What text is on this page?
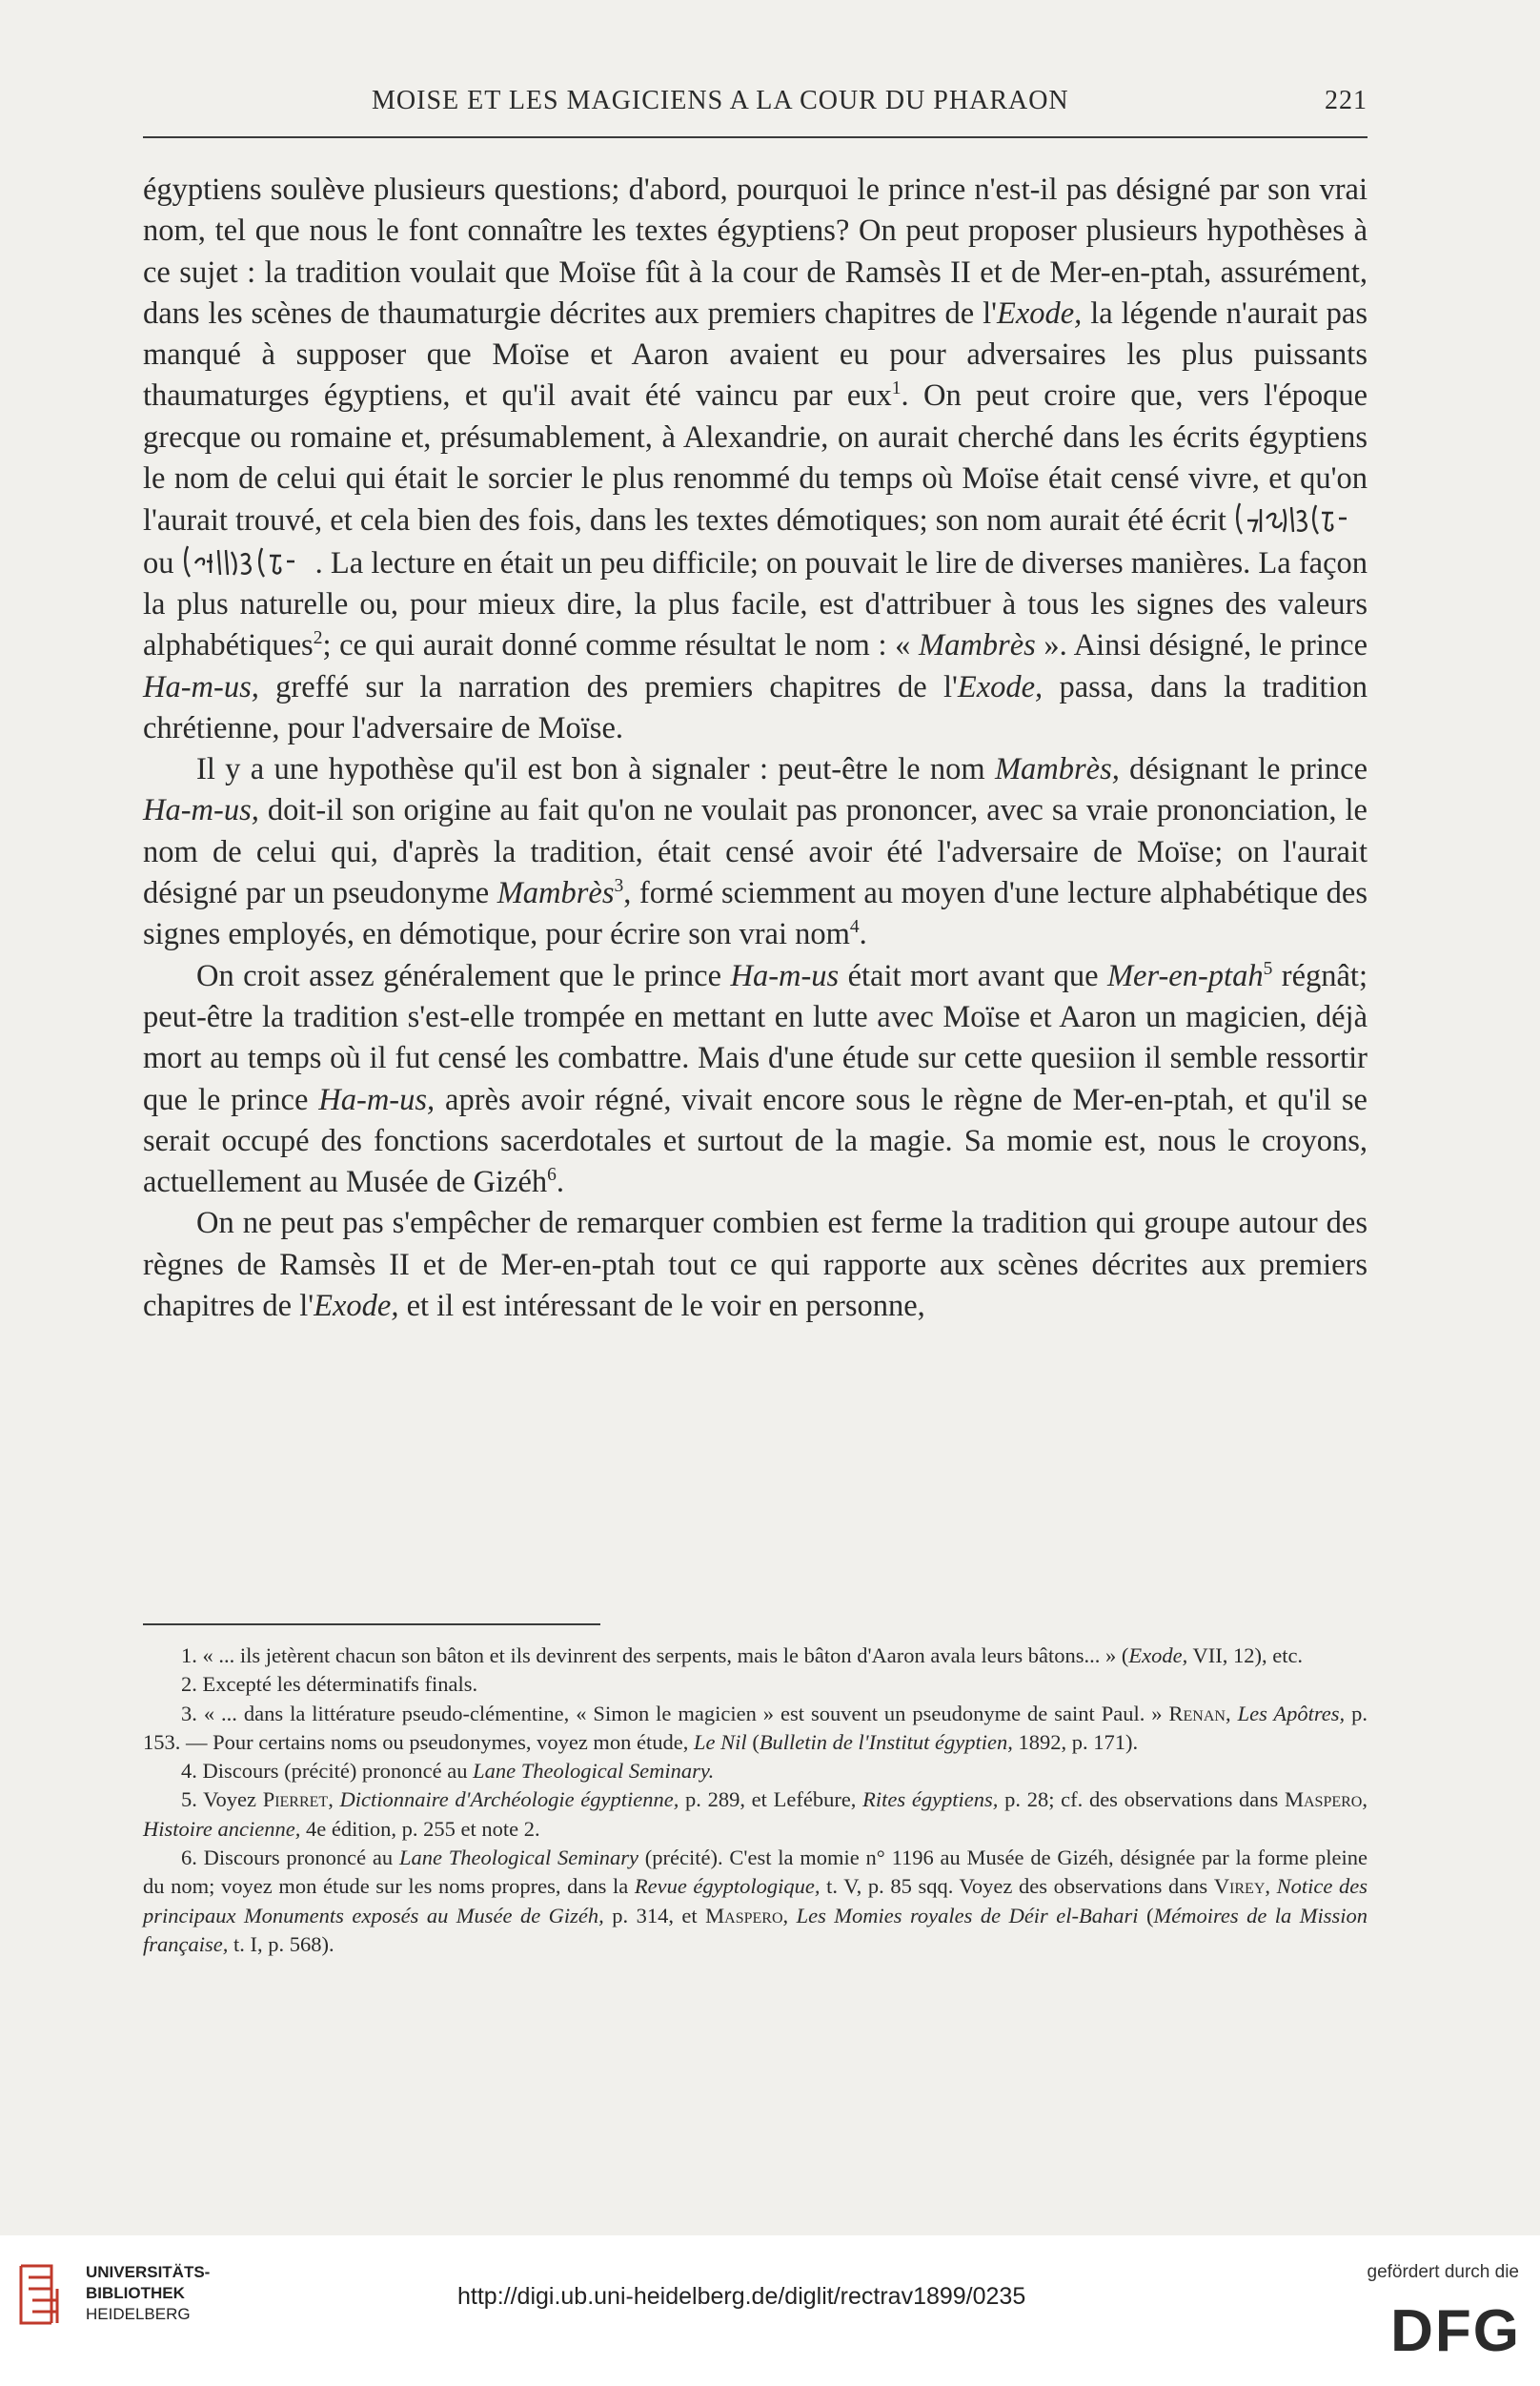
MOISE ET LES MAGICIENS A LA COUR DU PHARAON	221

égyptiens soulève plusieurs questions; d'abord, pourquoi le prince n'est-il pas désigné par son vrai nom, tel que nous le font connaître les textes égyptiens? On peut proposer plusieurs hypothèses à ce sujet : la tradition voulait que Moïse fût à la cour de Ramsès II et de Mer-en-ptah, assurément, dans les scènes de thaumaturgie décrites aux premiers chapitres de l'Exode, la légende n'aurait pas manqué à supposer que Moïse et Aaron avaient eu pour adversaires les plus puissants thaumaturges égyptiens, et qu'il avait été vaincu par eux$^1$. On peut croire que, vers l'époque grecque ou romaine et, présumablement, à Alexandrie, on aurait cherché dans les écrits égyptiens le nom de celui qui était le sorcier le plus renommé du temps où Moïse était censé vivre, et qu'on l'aurait trouvé, et cela bien des fois, dans les textes démotiques; son nom aurait été écrit  ou	. La lecture en était un peu difficile; on pouvait le lire de diverses manières. La façon la plus naturelle ou, pour mieux dire, la plus facile, est d'attribuer à tous les signes des valeurs alphabétiques$^2$; ce qui aurait donné comme résultat le nom : « Mambrès ». Ainsi désigné, le prince Ha-m-us, greffé sur la narration des premiers chapitres de l'Exode, passa, dans la tradition chrétienne, pour l'adversaire de Moïse.

Il y a une hypothèse qu'il est bon à signaler : peut-être le nom Mambrès, désignant le prince Ha-m-us, doit-il son origine au fait qu'on ne voulait pas prononcer, avec sa vraie prononciation, le nom de celui qui, d'après la tradition, était censé avoir été l'adversaire de Moïse; on l'aurait désigné par un pseudonyme Mambrès$^3$, formé sciemment au moyen d'une lecture alphabétique des signes employés, en démotique, pour écrire son vrai nom$^4$.

On croit assez généralement que le prince Ha-m-us était mort avant que Mer-en-ptah$^5$ régnât; peut-être la tradition s'est-elle trompée en mettant en lutte avec Moïse et Aaron un magicien, déjà mort au temps où il fut censé les combattre. Mais d'une étude sur cette quesiion il semble ressortir que le prince Ha-m-us, après avoir régné, vivait encore sous le règne de Mer-en-ptah, et qu'il se serait occupé des fonctions sacerdotales et surtout de la magie. Sa momie est, nous le croyons, actuellement au Musée de Gizéh$^6$.

On ne peut pas s'empêcher de remarquer combien est ferme la tradition qui groupe autour des règnes de Ramsès II et de Mer-en-ptah tout ce qui rapporte aux scènes décrites aux premiers chapitres de l'Exode, et il est intéressant de le voir en personne,

1. « ... ils jetèrent chacun son bâton et ils devinrent des serpents, mais le bâton d'Aaron avala leurs bâtons... » (Exode, VII, 12), etc.

2. Excepté les déterminatifs finals.

3. « ... dans la littérature pseudo-clémentine, « Simon le magicien » est souvent un pseudonyme de saint Paul. » Renan, Les Apôtres, p. 153. — Pour certains noms ou pseudonymes, voyez mon étude, Le Nil (Bulletin de l'Institut égyptien, 1892, p. 171).

4. Discours (précité) prononcé au Lane Theological Seminary.

5. Voyez Pierret, Dictionnaire d'Archéologie égyptienne, p. 289, et Lefébure, Rites égyptiens, p. 28; cf. des observations dans Maspero, Histoire ancienne, 4e édition, p. 255 et note 2.

6. Discours prononcé au Lane Theological Seminary (précité). C'est la momie n° 1196 au Musée de Gizéh, désignée par la forme pleine du nom; voyez mon étude sur les noms propres, dans la Revue égyptologique, t. V, p. 85 sqq. Voyez des observations dans Virey, Notice des principaux Monuments exposés au Musée de Gizéh, p. 314, et Maspero, Les Momies royales de Déir el-Bahari (Mémoires de la Mission française, t. I, p. 568).

UNIVERSITÄTS-
BIBLIOTHEK
HEIDELBERG
http://digi.ub.uni-heidelberg.de/diglit/rectrav1899/0235
gefördert durch die
DFG
